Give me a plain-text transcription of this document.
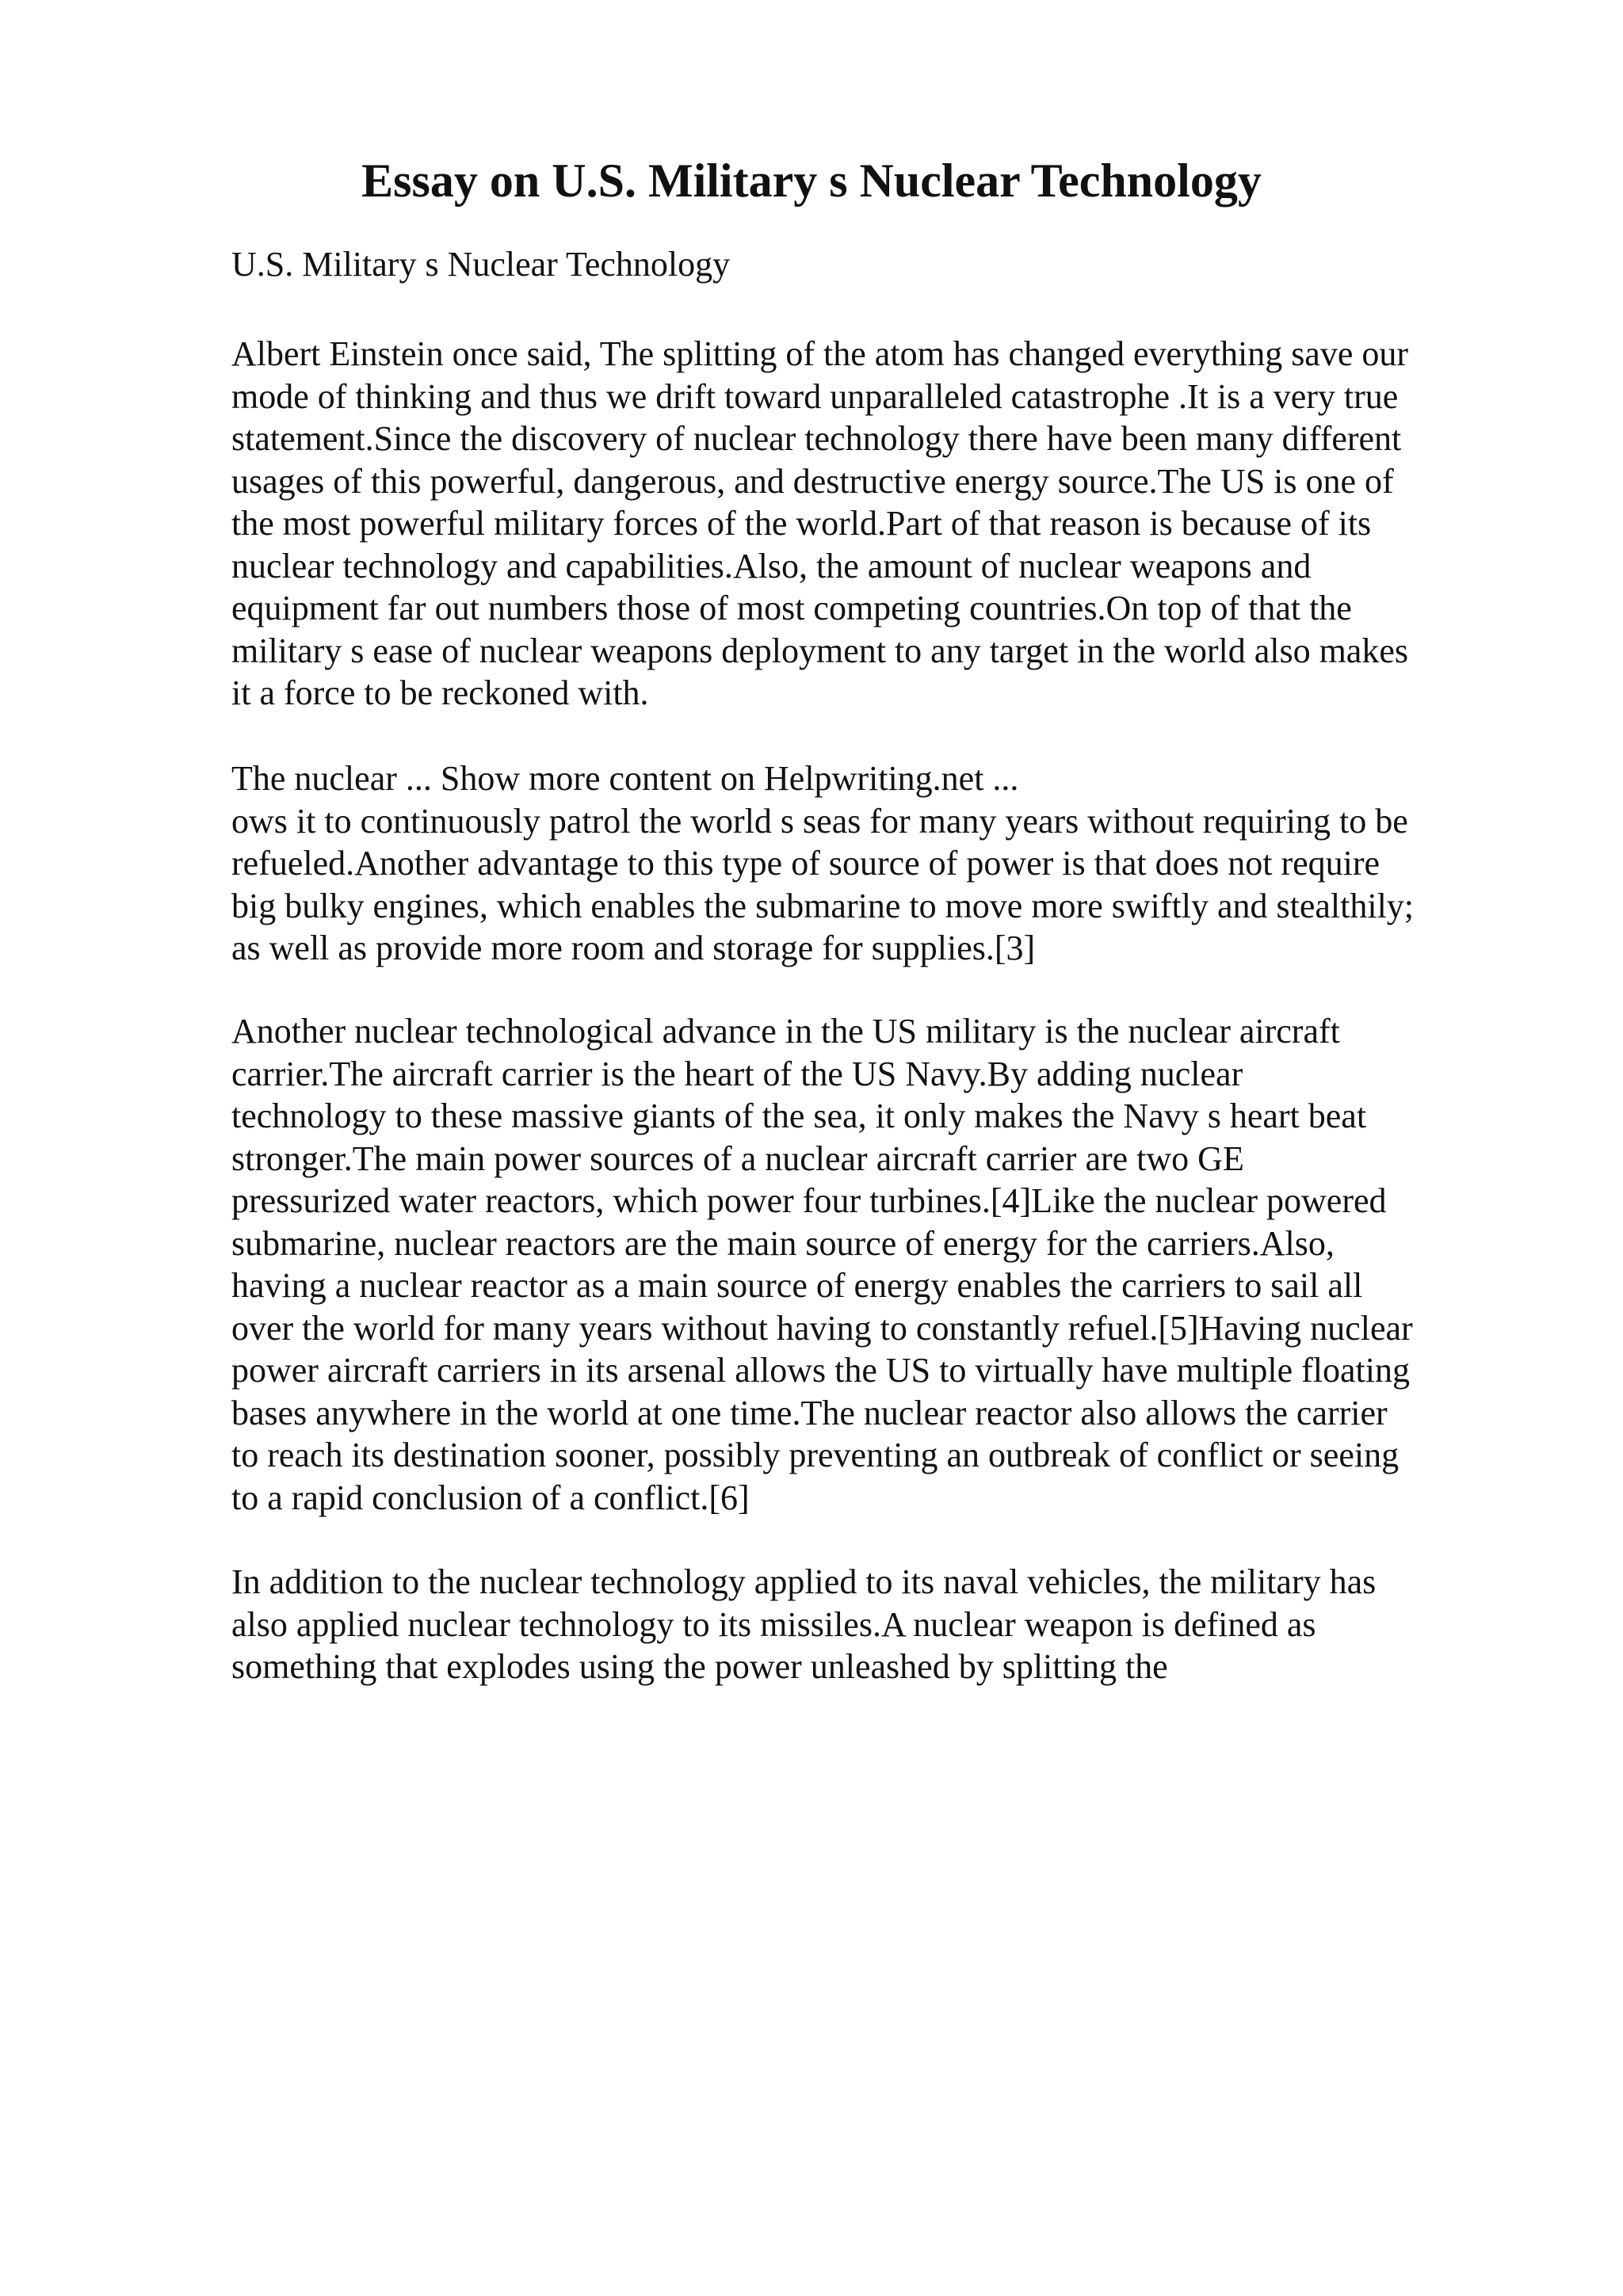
Essay on U.S. Military s Nuclear Technology

U.S. Military s Nuclear Technology

Albert Einstein once said, The splitting of the atom has changed everything save our
mode of thinking and thus we drift toward unparalleled catastrophe .It is a very true
statement.Since the discovery of nuclear technology there have been many different
usages of this powerful, dangerous, and destructive energy source.The US is one of
the most powerful military forces of the world.Part of that reason is because of its
nuclear technology and capabilities.Also, the amount of nuclear weapons and
equipment far out numbers those of most competing countries.On top of that the
military s ease of nuclear weapons deployment to any target in the world also makes
it a force to be reckoned with.

The nuclear ... Show more content on Helpwriting.net ...
ows it to continuously patrol the world s seas for many years without requiring to be
refueled.Another advantage to this type of source of power is that does not require
big bulky engines, which enables the submarine to move more swiftly and stealthily;
as well as provide more room and storage for supplies.[3]

Another nuclear technological advance in the US military is the nuclear aircraft
carrier.The aircraft carrier is the heart of the US Navy.By adding nuclear
technology to these massive giants of the sea, it only makes the Navy s heart beat
stronger.The main power sources of a nuclear aircraft carrier are two GE
pressurized water reactors, which power four turbines.[4]Like the nuclear powered
submarine, nuclear reactors are the main source of energy for the carriers.Also,
having a nuclear reactor as a main source of energy enables the carriers to sail all
over the world for many years without having to constantly refuel.[5]Having nuclear
power aircraft carriers in its arsenal allows the US to virtually have multiple floating
bases anywhere in the world at one time.The nuclear reactor also allows the carrier
to reach its destination sooner, possibly preventing an outbreak of conflict or seeing
to a rapid conclusion of a conflict.[6]

In addition to the nuclear technology applied to its naval vehicles, the military has
also applied nuclear technology to its missiles.A nuclear weapon is defined as
something that explodes using the power unleashed by splitting the
